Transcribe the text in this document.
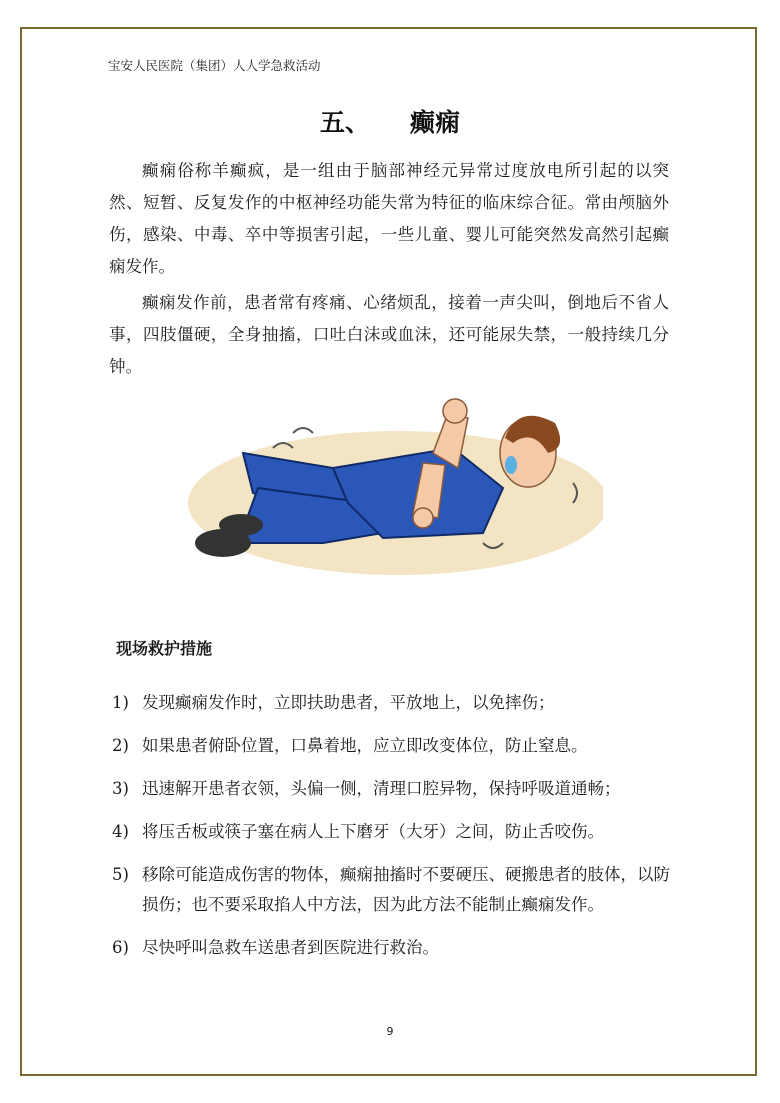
宝安人民医院（集团）人人学急救活动
五、 癫痫

癫痫俗称羊癫疯，是一组由于脑部神经元异常过度放电所引起的以突然、短暂、反复发作的中枢神经功能失常为特征的临床综合征。常由颅脑外伤，感染、中毒、卒中等损害引起，一些儿童、婴儿可能突然发高然引起癫痫发作。

癫痫发作前，患者常有疼痛、心绪烦乱，接着一声尖叫，倒地后不省人事，四肢僵硬，全身抽搐，口吐白沫或血沫，还可能尿失禁，一般持续几分钟。

现场救护措施
1) 发现癫痫发作时，立即扶助患者，平放地上，以免摔伤；
2) 如果患者俯卧位置，口鼻着地，应立即改变体位，防止窒息。
3) 迅速解开患者衣领，头偏一侧，清理口腔异物，保持呼吸道通畅；
4) 将压舌板或筷子塞在病人上下磨牙（大牙）之间，防止舌咬伤。
5) 移除可能造成伤害的物体，癫痫抽搐时不要硬压、硬搬患者的肢体，以防损伤；也不要采取掐人中方法，因为此方法不能制止癫痫发作。
6) 尽快呼叫急救车送患者到医院进行救治。
9
